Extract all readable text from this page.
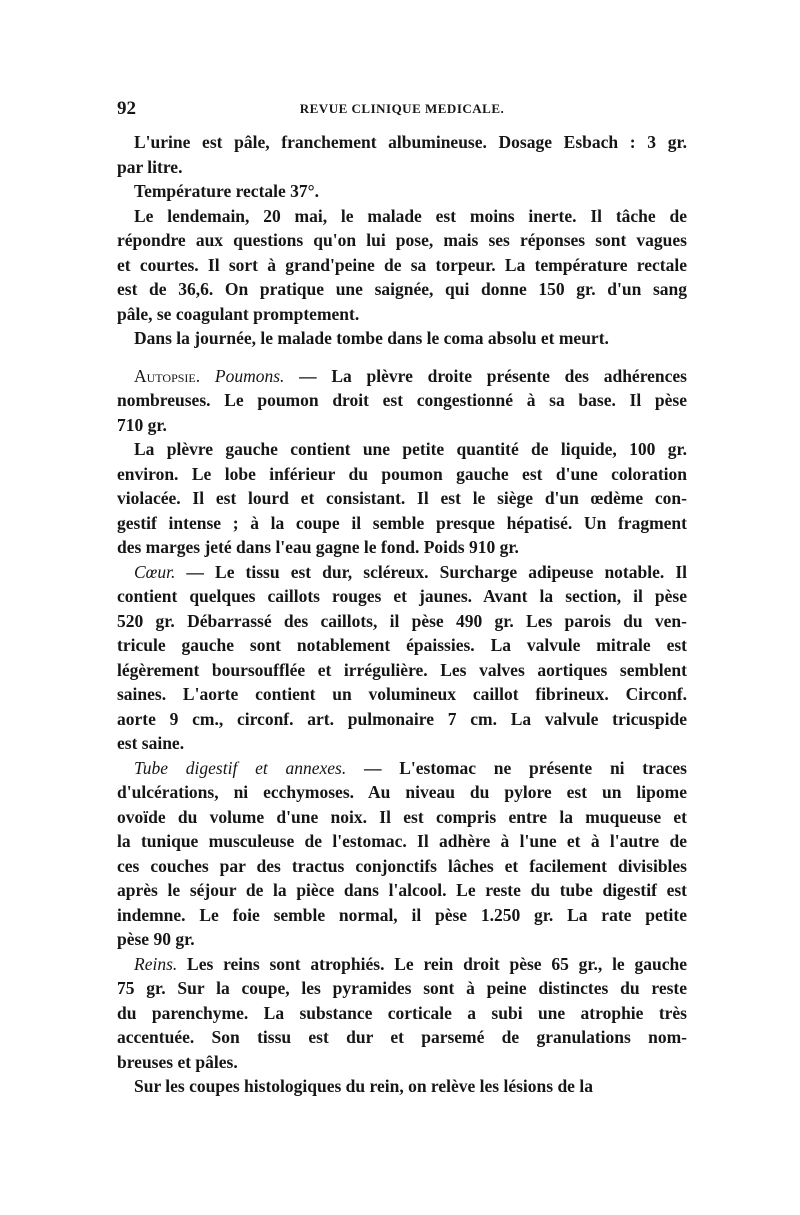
92	REVUE CLINIQUE MEDICALE.
L'urine est pâle, franchement albumineuse. Dosage Esbach : 3 gr.
par litre.
Température rectale 37°.
Le lendemain, 20 mai, le malade est moins inerte. Il tâche de
répondre aux questions qu'on lui pose, mais ses réponses sont vagues
et courtes. Il sort à grand'peine de sa torpeur. La température rectale
est de 36,6. On pratique une saignée, qui donne 150 gr. d'un sang
pâle, se coagulant promptement.
Dans la journée, le malade tombe dans le coma absolu et meurt.
Autopsie. Poumons. — La plèvre droite présente des adhérences
nombreuses. Le poumon droit est congestionné à sa base. Il pèse
710 gr.
La plèvre gauche contient une petite quantité de liquide, 100 gr.
environ. Le lobe inférieur du poumon gauche est d'une coloration
violacée. Il est lourd et consistant. Il est le siège d'un œdème con-
gestif intense ; à la coupe il semble presque hépatisé. Un fragment
des marges jeté dans l'eau gagne le fond. Poids 910 gr.
Cœur. — Le tissu est dur, scléreux. Surcharge adipeuse notable. Il
contient quelques caillots rouges et jaunes. Avant la section, il pèse
520 gr. Débarrassé des caillots, il pèse 490 gr. Les parois du ven-
tricule gauche sont notablement épaissies. La valvule mitrale est
légèrement boursoufflée et irrégulière. Les valves aortiques semblent
saines. L'aorte contient un volumineux caillot fibrineux. Circonf.
aorte 9 cm., circonf. art. pulmonaire 7 cm. La valvule tricuspide
est saine.
Tube digestif et annexes. — L'estomac ne présente ni traces
d'ulcérations, ni ecchymoses. Au niveau du pylore est un lipome
ovoïde du volume d'une noix. Il est compris entre la muqueuse et
la tunique musculeuse de l'estomac. Il adhère à l'une et à l'autre de
ces couches par des tractus conjonctifs lâches et facilement divisibles
après le séjour de la pièce dans l'alcool. Le reste du tube digestif est
indemne. Le foie semble normal, il pèse 1.250 gr. La rate petite
pèse 90 gr.
Reins. Les reins sont atrophiés. Le rein droit pèse 65 gr., le gauche
75 gr. Sur la coupe, les pyramides sont à peine distinctes du reste
du parenchyme. La substance corticale a subi une atrophie très
accentuée. Son tissu est dur et parsemé de granulations nom-
breuses et pâles.
Sur les coupes histologiques du rein, on relève les lésions de la
